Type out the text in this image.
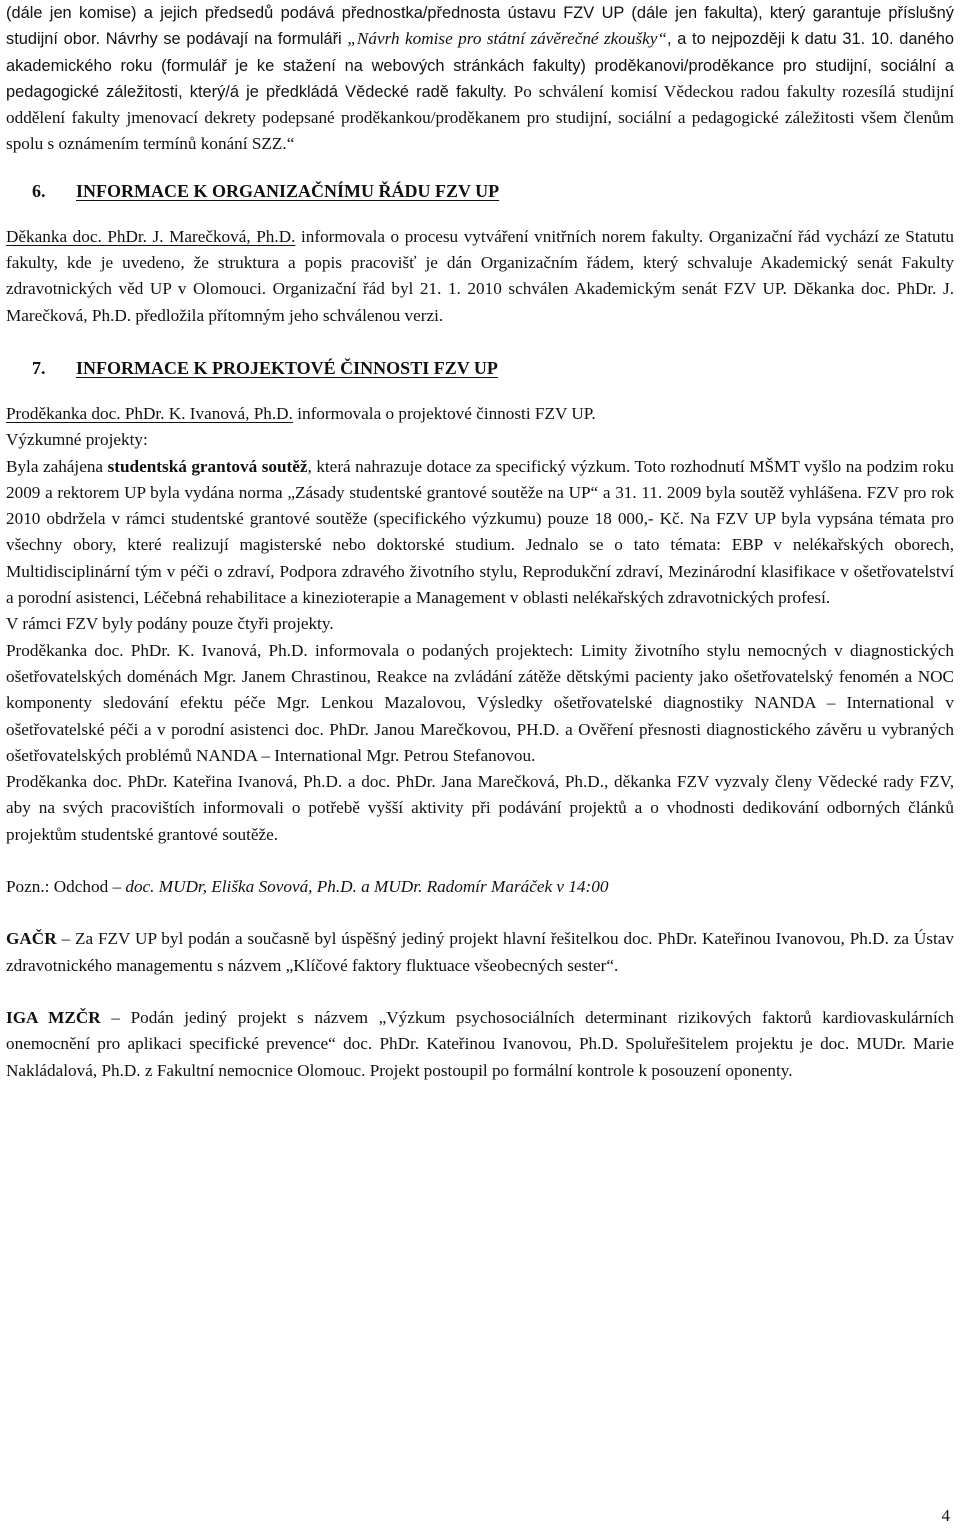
(dále jen komise) a jejich předsedů podává přednostka/přednosta ústavu FZV UP (dále jen fakulta), který garantuje příslušný studijní obor. Návrhy se podávají na formuláři „Návrh komise pro státní závěrečné zkoušky“, a to nejpozději k datu 31. 10. daného akademického roku (formulář je ke stažení na webových stránkách fakulty) proděkanovi/proděkance pro studijní, sociální a pedagogické záležitosti, který/á je předkládá Vědecké radě fakulty. Po schválení komisí Vědeckou radou fakulty rozesílá studijní oddělení fakulty jmenovací dekrety podepsané proděkankou/proděkanem pro studijní, sociální a pedagogické záležitosti všem členům spolu s oznámením termínů konání SZZ.“

6. INFORMACE K ORGANIZAČNÍMU ŘÁDU FZV UP

Děkanka doc. PhDr. J. Marečková, Ph.D. informovala o procesu vytváření vnitřních norem fakulty. Organizační řád vychází ze Statutu fakulty, kde je uvedeno, že struktura a popis pracovišť je dán Organizačním řádem, který schvaluje Akademický senát Fakulty zdravotnických věd UP v Olomouci. Organizační řád byl 21. 1. 2010 schválen Akademickým senát FZV UP. Děkanka doc. PhDr. J. Marečková, Ph.D. předložila přítomným jeho schválenou verzi.

7. INFORMACE K PROJEKTOVÉ ČINNOSTI FZV UP

Proděkanka doc. PhDr. K. Ivanová, Ph.D. informovala o projektové činnosti FZV UP.
Výzkumné projekty:

Byla zahájena studentská grantová soutěž, která nahrazuje dotace za specifický výzkum. Toto rozhodnutí MŠMT vyšlo na podzim roku 2009 a rektorem UP byla vydána norma „Zásady studentské grantové soutěže na UP“ a 31. 11. 2009 byla soutěž vyhlášena. FZV pro rok 2010 obdržela v rámci studentské grantové soutěže (specifického výzkumu) pouze 18 000,- Kč. Na FZV UP byla vypsána témata pro všechny obory, které realizují magisterské nebo doktorské studium. Jednalo se o tato témata: EBP v nelékařských oborech, Multidisciplinární tým v péči o zdraví, Podpora zdravého životního stylu, Reprodukční zdraví, Mezinárodní klasifikace v ošetřovatelství a porodní asistenci, Léčebná rehabilitace a kinezioterapie a Management v oblasti nelékařských zdravotnických profesí.

V rámci FZV byly podány pouze čtyři projekty.

Proděkanka doc. PhDr. K. Ivanová, Ph.D. informovala o podaných projektech: Limity životního stylu nemocných v diagnostických ošetřovatelských doménách Mgr. Janem Chrastinou, Reakce na zvládání zátěže dětskými pacienty jako ošetřovatelský fenomén a NOC komponenty sledování efektu péče Mgr. Lenkou Mazalovou, Výsledky ošetřovatelské diagnostiky NANDA – International v ošetřovatelské péči a v porodní asistenci doc. PhDr. Janou Marečkovou, PH.D. a Ověření přesnosti diagnostického závěru u vybraných ošetřovatelských problémů NANDA – International Mgr. Petrou Stefanovou.

Proděkanka doc. PhDr. Kateřina Ivanová, Ph.D. a doc. PhDr. Jana Marečková, Ph.D., děkanka FZV vyzvaly členy Vědecké rady FZV, aby na svých pracovištích informovali o potřebě vyšší aktivity při podávání projektů a o vhodnosti dedikování odborných článků projektům studentské grantové soutěže.

Pozn.: Odchod – doc. MUDr, Eliška Sovová, Ph.D. a MUDr. Radomír Maráček v 14:00

GAČR – Za FZV UP byl podán a současně byl úspěšný jediný projekt hlavní řešitelkou doc. PhDr. Kateřinou Ivanovou, Ph.D. za Ústav zdravotnického managementu s názvem „Klíčové faktory fluktuace všeobecných sester“.

IGA MZČR – Podán jediný projekt s názvem „Výzkum psychosociálních determinant rizikových faktorů kardiovaskulárních onemocnění pro aplikaci specifické prevence“ doc. PhDr. Kateřinou Ivanovou, Ph.D. Spoluřešitelem projektu je doc. MUDr. Marie Nakládalová, Ph.D. z Fakultní nemocnice Olomouc. Projekt postoupil po formální kontrole k posouzení oponenty.

4
